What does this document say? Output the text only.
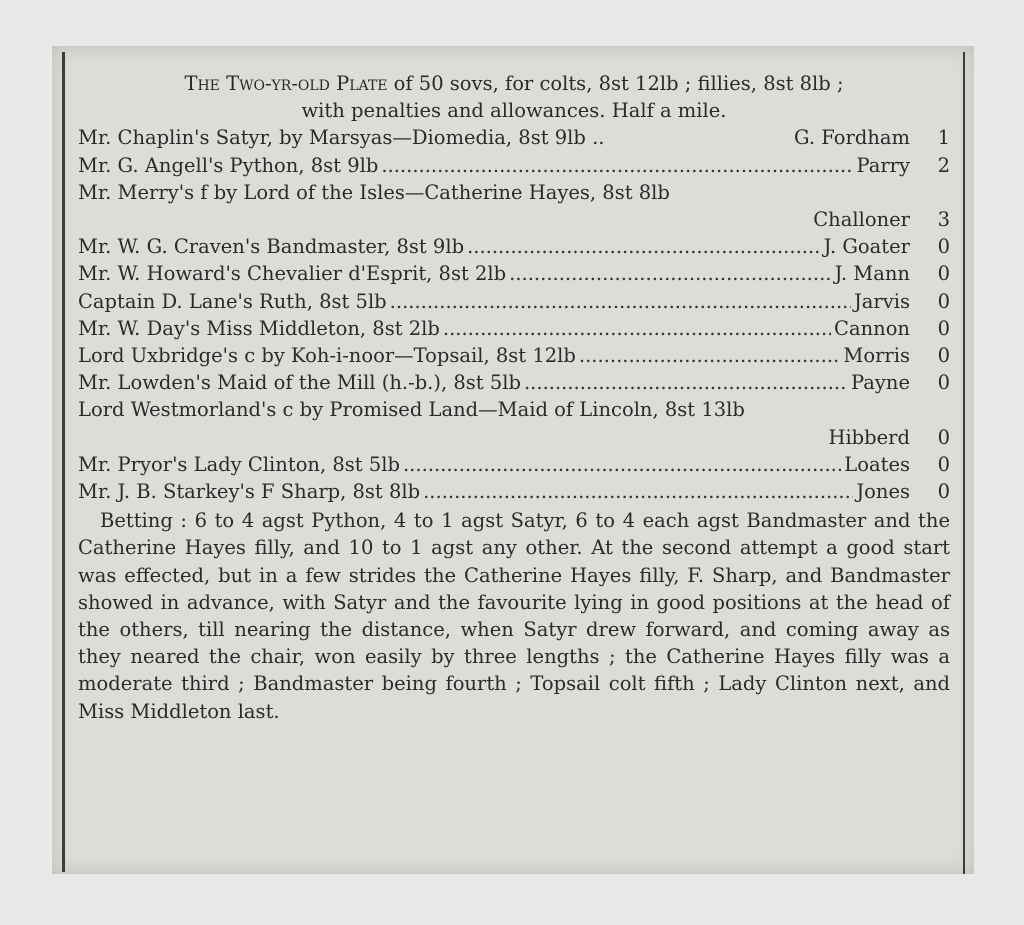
The Two-yr-old Plate of 50 sovs, for colts, 8st 12lb ; fillies, 8st 8lb ;
with penalties and allowances. Half a mile.
Mr. Chaplin's Satyr, by Marsyas—Diomedia, 8st 9lb ..	G. Fordham	1
Mr. G. Angell's Python, 8st 9lb .....	Parry	2
Mr. Merry's f by Lord of the Isles—Catherine Hayes, 8st 8lb
Challoner	3
Mr. W. G. Craven's Bandmaster, 8st 9lb .....	J. Goater	0
Mr. W. Howard's Chevalier d'Esprit, 8st 2lb .....	J. Mann	0
Captain D. Lane's Ruth, 8st 5lb .....	Jarvis	0
Mr. W. Day's Miss Middleton, 8st 2lb .....	Cannon	0
Lord Uxbridge's c by Koh-i-noor—Topsail, 8st 12lb .....	Morris	0
Mr. Lowden's Maid of the Mill (h.-b.), 8st 5lb .....	Payne	0
Lord Westmorland's c by Promised Land—Maid of Lincoln, 8st 13lb
Hibberd	0
Mr. Pryor's Lady Clinton, 8st 5lb .....	Loates	0
Mr. J. B. Starkey's F Sharp, 8st 8lb .....	Jones	0

Betting : 6 to 4 agst Python, 4 to 1 agst Satyr, 6 to 4 each agst Bandmaster and the Catherine Hayes filly, and 10 to 1 agst any other. At the second attempt a good start was effected, but in a few strides the Catherine Hayes filly, F. Sharp, and Bandmaster showed in advance, with Satyr and the favourite lying in good positions at the head of the others, till nearing the distance, when Satyr drew forward, and coming away as they neared the chair, won easily by three lengths ; the Catherine Hayes filly was a moderate third ; Bandmaster being fourth ; Topsail colt fifth ; Lady Clinton next, and Miss Middleton last.
